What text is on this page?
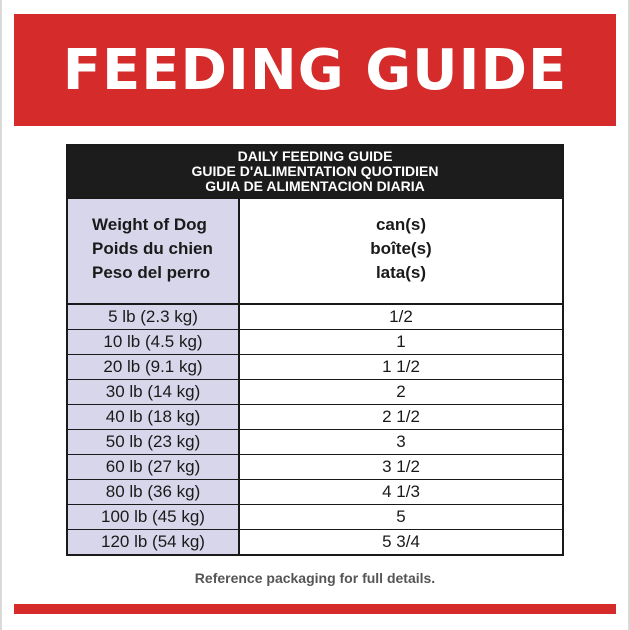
FEEDING GUIDE
DAILY FEEDING GUIDE
GUIDE D'ALIMENTATION QUOTIDIEN
GUIA DE ALIMENTACION DIARIA
Weight of Dog
Poids du chien
Peso del perro
can(s)
boîte(s)
lata(s)
5 lb (2.3 kg)	1/2
10 lb (4.5 kg)	1
20 lb (9.1 kg)	1 1/2
30 lb (14 kg)	2
40 lb (18 kg)	2 1/2
50 lb (23 kg)	3
60 lb (27 kg)	3 1/2
80 lb (36 kg)	4 1/3
100 lb (45 kg)	5
120 lb (54 kg)	5 3/4
Reference packaging for full details.
